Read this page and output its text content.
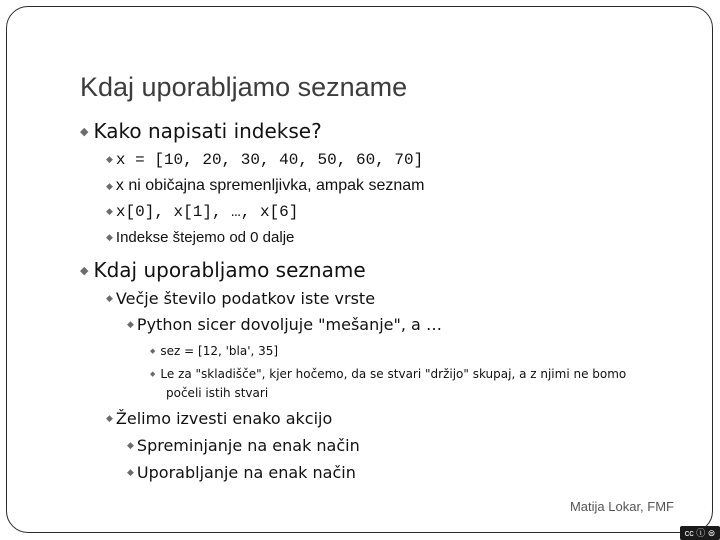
Kdaj uporabljamo sezname
◆ Kako napisati indekse?
◆ x = [10, 20, 30, 40, 50, 60, 70]
◆ x ni običajna spremenljivka, ampak seznam
◆ x[0], x[1], …, x[6]
◆ Indekse štejemo od 0 dalje
◆ Kdaj uporabljamo sezname
◆ Večje število podatkov iste vrste
◆ Python sicer dovoljuje "mešanje", a …
◆ sez = [12, 'bla', 35]
◆ Le za "skladišče", kjer hočemo, da se stvari "držijo" skupaj, a z njimi ne bomo
počeli istih stvari
◆ Želimo izvesti enako akcijo
◆ Spreminjanje na enak način
◆ Uporabljanje na enak način
Matija Lokar, FMF
cc ⓘ ⊜
